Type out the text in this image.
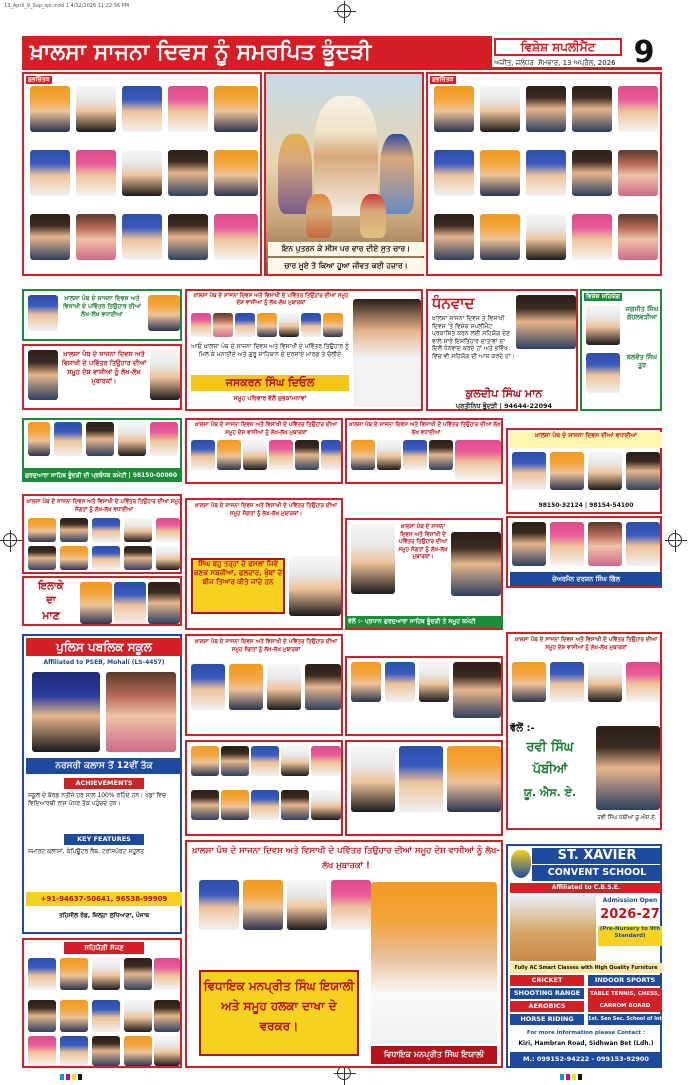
13_April_9_Sup_spl.indd 1 4/12/2026 11:22:56 PM
ਖ਼ਾਲਸਾ ਸਾਜਨਾ ਦਿਵਸ ਨੂੰ ਸਮਰਪਿਤ ਭੂੰਦੜੀ	ਵਿਸ਼ੇਸ਼ ਸਪਲੀਮੈਂਟ
ਅਜੀਤ, ਜਲੰਧਰ ਸੋਮਵਾਰ, 13 ਅਪ੍ਰੈਲ, 2026 9
ਸ਼ੁਭਚਿੰਤਕ
ਇਨ ਪੁਤਰਨ ਕੇ ਸੀਸ ਪਰ ਵਾਰ ਦੀਏ ਸੁਤ ਚਾਰ।
ਚਾਰ ਮੂਏ ਤੋ ਕਿਆ ਹੂਆ ਜੀਵਤ ਕਈ ਹਜ਼ਾਰ।
ਸ਼ੁਭਚਿੰਤਕ
ਖ਼ਾਲਸਾ ਪੰਥ ਦੇ ਸਾਜਨਾ ਦਿਵਸ ਅਤੇ ਵਿਸਾਖੀ ਦੇ ਪਵਿੱਤਰ ਤਿਉਹਾਰ ਦੀਆਂ ਲੱਖ-ਲੱਖ ਵਧਾਈਆਂ
ਖ਼ਾਲਸਾ ਪੰਥ ਦੇ ਸਾਜਨਾ ਦਿਵਸ ਅਤੇ ਵਿਸਾਖੀ ਦੇ ਪਵਿੱਤਰ ਤਿਉਹਾਰ ਦੀਆਂ ਸਮੂਹ ਦੇਸ਼ ਵਾਸੀਆਂ ਨੂੰ ਲੱਖ-ਲੱਖ ਮੁਬਾਰਕਾਂ।
ਖ਼ਾਲਸਾ ਪੰਥ ਦੇ ਸਾਜਨਾ ਦਿਵਸ ਅਤੇ ਵਿਸਾਖੀ ਦੇ ਪਵਿੱਤਰ ਤਿਉਹਾਰ ਦੀਆਂ ਸਮੂਹ ਦੇਸ਼ ਵਾਸੀਆਂ ਨੂੰ ਲੱਖ-ਲੱਖ ਮੁਬਾਰਕਾਂ
ਆਓ ਖ਼ਾਲਸਾ ਪੰਥ ਦੇ ਸਾਜਨਾ ਦਿਵਸ ਅਤੇ ਵਿਸਾਖੀ ਦੇ ਪਵਿੱਤਰ ਤਿਉਹਾਰ ਨੂੰ ਮਿਲ ਕੇ ਮਨਾਈਏ ਅਤੇ ਗੁਰੂ ਸਾਹਿਬਾਨ ਦੇ ਦਰਸਾਏ ਮਾਰਗ ਤੇ ਚੱਲੀਏ
ਜਸਕਰਨ ਸਿੰਘ ਦਿਓਲ
ਸਮੂਹ ਪਰਿਵਾਰ ਵੱਲੋਂ ਸ਼ੁਭਕਾਮਨਾਵਾਂ
ਧੰਨਵਾਦ
ਖ਼ਾਲਸਾ ਸਾਜਨਾ ਦਿਵਸ ਤੇ ਵਿਸਾਖੀ ਦਿਵਸ 'ਤੇ ਵਿਸ਼ੇਸ਼ ਸਪਲੀਮੈਂਟ ਪ੍ਰਕਾਸ਼ਿਤ ਕਰਨ ਲਈ ਸਹਿਯੋਗ ਦੇਣ ਵਾਲੇ ਸਾਰੇ ਇਸ਼ਤਿਹਾਰ ਦਾਤਾਵਾਂ ਦਾ ਦਿਲੋਂ ਧੰਨਵਾਦ ਕਰਦੇ ਹਾਂ ਅਤੇ ਭਵਿੱਖ ਵਿਚ ਵੀ ਸਹਿਯੋਗ ਦੀ ਆਸ ਕਰਦੇ ਹਾਂ।
ਕੁਲਦੀਪ ਸਿੰਘ ਮਾਨ
ਪ੍ਰਤੀਨਿਧ ਭੂੰਦੜੀ | 94644-22094
ਵਿਸ਼ੇਸ਼ ਸਹਿਯੋਗ
ਜਗਜੀਤ ਸਿੰਘ ਗੋਹਲਵੜੀਆ
ਬਲਵੰਤ ਸਿੰਘ ਤੂਰ
ਗੁਰਦੁਆਰਾ ਸਾਹਿਬ ਭੂੰਦੜੀ ਦੀ ਪ੍ਰਬੰਧਕ ਕਮੇਟੀ | 98150-00000
ਖ਼ਾਲਸਾ ਪੰਥ ਦੇ ਸਾਜਨਾ ਦਿਵਸ ਅਤੇ ਵਿਸਾਖੀ ਦੇ ਪਵਿੱਤਰ ਤਿਉਹਾਰ ਦੀਆਂ ਸਮੂਹ ਦੇਸ਼ ਵਾਸੀਆਂ ਨੂੰ ਲੱਖ-ਲੱਖ ਮੁਬਾਰਕਾਂ
ਖ਼ਾਲਸਾ ਪੰਥ ਦੇ ਸਾਜਨਾ ਦਿਵਸ ਅਤੇ ਵਿਸਾਖੀ ਦੇ ਪਵਿੱਤਰ ਤਿਉਹਾਰ ਦੀਆਂ ਲੱਖ-ਲੱਖ ਵਧਾਈਆਂ	ਖ਼ਾਲਸਾ ਪੰਥ ਦੇ ਸਾਜਨਾ ਦਿਵਸ ਦੀਆਂ ਵਧਾਈਆਂ
98150-32124 | 98154-54100
ਖ਼ਾਲਸਾ ਪੰਥ ਦੇ ਸਾਜਨਾ ਦਿਵਸ ਅਤੇ ਵਿਸਾਖੀ ਦੇ ਪਵਿੱਤਰ ਤਿਉਹਾਰ ਦੀਆਂ ਸਮੂਹ ਸੰਗਤਾਂ ਨੂੰ ਲੱਖ-ਲੱਖ ਵਧਾਈਆਂ
ਇਲਾਕੇ
ਦਾ
ਮਾਣ
ਖ਼ਾਲਸਾ ਪੰਥ ਦੇ ਸਾਜਨਾ ਦਿਵਸ ਅਤੇ ਵਿਸਾਖੀ ਦੇ ਪਵਿੱਤਰ ਤਿਉਹਾਰ ਦੀਆਂ ਸਮੂਹ ਸੰਗਤਾਂ ਨੂੰ ਲੱਖ-ਲੱਖ ਮੁਬਾਰਕਾਂ।
ਸਿੰਘ ਬਹੁ ਤਰ੍ਹਾਂ ਦੇ ਫਸਲਾਂ ਜਿਵੇਂ ਕਣਕ ਸਬਜ਼ੀਆਂ, ਫਲਦਾਰ, ਖੁੰਬਾਂ ਦੇ ਬੀਜ ਤਿਆਰ ਕੀਤੇ ਜਾਂਦੇ ਹਨ
ਖ਼ਾਲਸਾ ਪੰਥ ਦੇ ਸਾਜਨਾ ਦਿਵਸ ਅਤੇ ਵਿਸਾਖੀ ਦੇ ਪਵਿੱਤਰ ਤਿਉਹਾਰ ਦੀਆਂ ਸਮੂਹ ਸੰਗਤਾਂ ਨੂੰ ਲੱਖ-ਲੱਖ ਮੁਬਾਰਕਾਂ।
ਵੱਲੋਂ :- ਪ੍ਰਧਾਨ ਗੁਰਦੁਆਰਾ ਸਾਹਿਬ ਭੂੰਦੜੀ ਤੇ ਸਮੂਹ ਕਮੇਟੀ
ਚੇਅਰਮੈਨ ਦਰਸ਼ਨ ਸਿੰਘ ਗਿੱਲ
ਪੁਲਿਸ ਪਬਲਿਕ ਸਕੂਲ
Affiliated to PSEB, Mohali (LS-4457)
ਨਰਸਰੀ ਕਲਾਸ ਤੋਂ 12ਵੀਂ ਤੱਕ
ACHIEVEMENTS
ਸਕੂਲ ਦੇ ਬੋਰਡ ਨਤੀਜੇ ਹਰ ਸਾਲ 100% ਰਹਿੰਦੇ ਹਨ। ਖੇਡਾਂ ਵਿਚ ਵਿਦਿਆਰਥੀ ਰਾਜ ਪੱਧਰ ਤੱਕ ਪਹੁੰਚਦੇ ਹਨ।
KEY FEATURES
ਸਮਾਰਟ ਕਲਾਸਾਂ, ਕੰਪਿਊਟਰ ਲੈਬ, ਟਰਾਂਸਪੋਰਟ ਸਹੂਲਤ
+91-94637-50641, 96538-99909
ਤਹਿਸੀਲ ਰੋਡ, ਜ਼ਿਲ੍ਹਾ ਲੁਧਿਆਣਾ, ਪੰਜਾਬ
ਖ਼ਾਲਸਾ ਪੰਥ ਦੇ ਸਾਜਨਾ ਦਿਵਸ ਅਤੇ ਵਿਸਾਖੀ ਦੇ ਪਵਿੱਤਰ ਤਿਉਹਾਰ ਦੀਆਂ ਸਮੂਹ ਸੰਗਤਾਂ ਨੂੰ ਲੱਖ-ਲੱਖ ਮੁਬਾਰਕਾਂ
ਖ਼ਾਲਸਾ ਪੰਥ ਦੇ ਸਾਜਨਾ ਦਿਵਸ ਅਤੇ ਵਿਸਾਖੀ ਦੇ ਪਵਿੱਤਰ ਤਿਉਹਾਰ ਦੀਆਂ ਸਮੂਹ ਦੇਸ਼ ਵਾਸੀਆਂ ਨੂੰ ਲੱਖ-ਲੱਖ ਮੁਬਾਰਕਾਂ
ਵੱਲੋਂ :-
ਰਵੀ ਸਿੰਘ
ਪੱਬੀਆਂ
ਯੂ. ਐਸ. ਏ.
ਰਵੀ ਸਿੰਘ ਪੱਬੀਆਂ ਯੂ.ਐਸ.ਏ.
ਖ਼ਾਲਸਾ ਪੰਥ ਦੇ ਸਾਜਨਾ ਦਿਵਸ ਅਤੇ ਵਿਸਾਖੀ ਦੇ ਪਵਿੱਤਰ ਤਿਉਹਾਰ ਦੀਆਂ ਸਮੂਹ ਦੇਸ਼ ਵਾਸੀਆਂ ਨੂੰ ਲੱਖ-ਲੱਖ ਮੁਬਾਰਕਾਂ !
ਵਿਧਾਇਕ ਮਨਪ੍ਰੀਤ ਸਿੰਘ ਇਯਾਲੀ ਅਤੇ ਸਮੂਹ ਹਲਕਾ ਦਾਖਾ ਦੇ ਵਰਕਰ।
ਵਿਧਾਇਕ ਮਨਪ੍ਰੀਤ ਸਿੰਘ ਇਯਾਲੀ
ਸਹਿਯੋਗੀ ਸੱਜਣ
ST. XAVIER
CONVENT SCHOOL
Affiliated to C.B.S.E.
Admission Open
2026-27
(Pre-Nursery to 9th Standard)
Fully AC Smart Classes with High Quality Furniture
CRICKET
SHOOTING RANGE
AEROBICS
HORSE RIDING
INDOOR SPORTS
TABLE TENNIS, CHESS, CARROM BOARD
1st. Sen Sec. School of Intl Standard
For more information please Contact :
Kiri, Hambran Road, Sidhwan Bet (Ldh.)
M.: 099152-94222 - 099153-92900
